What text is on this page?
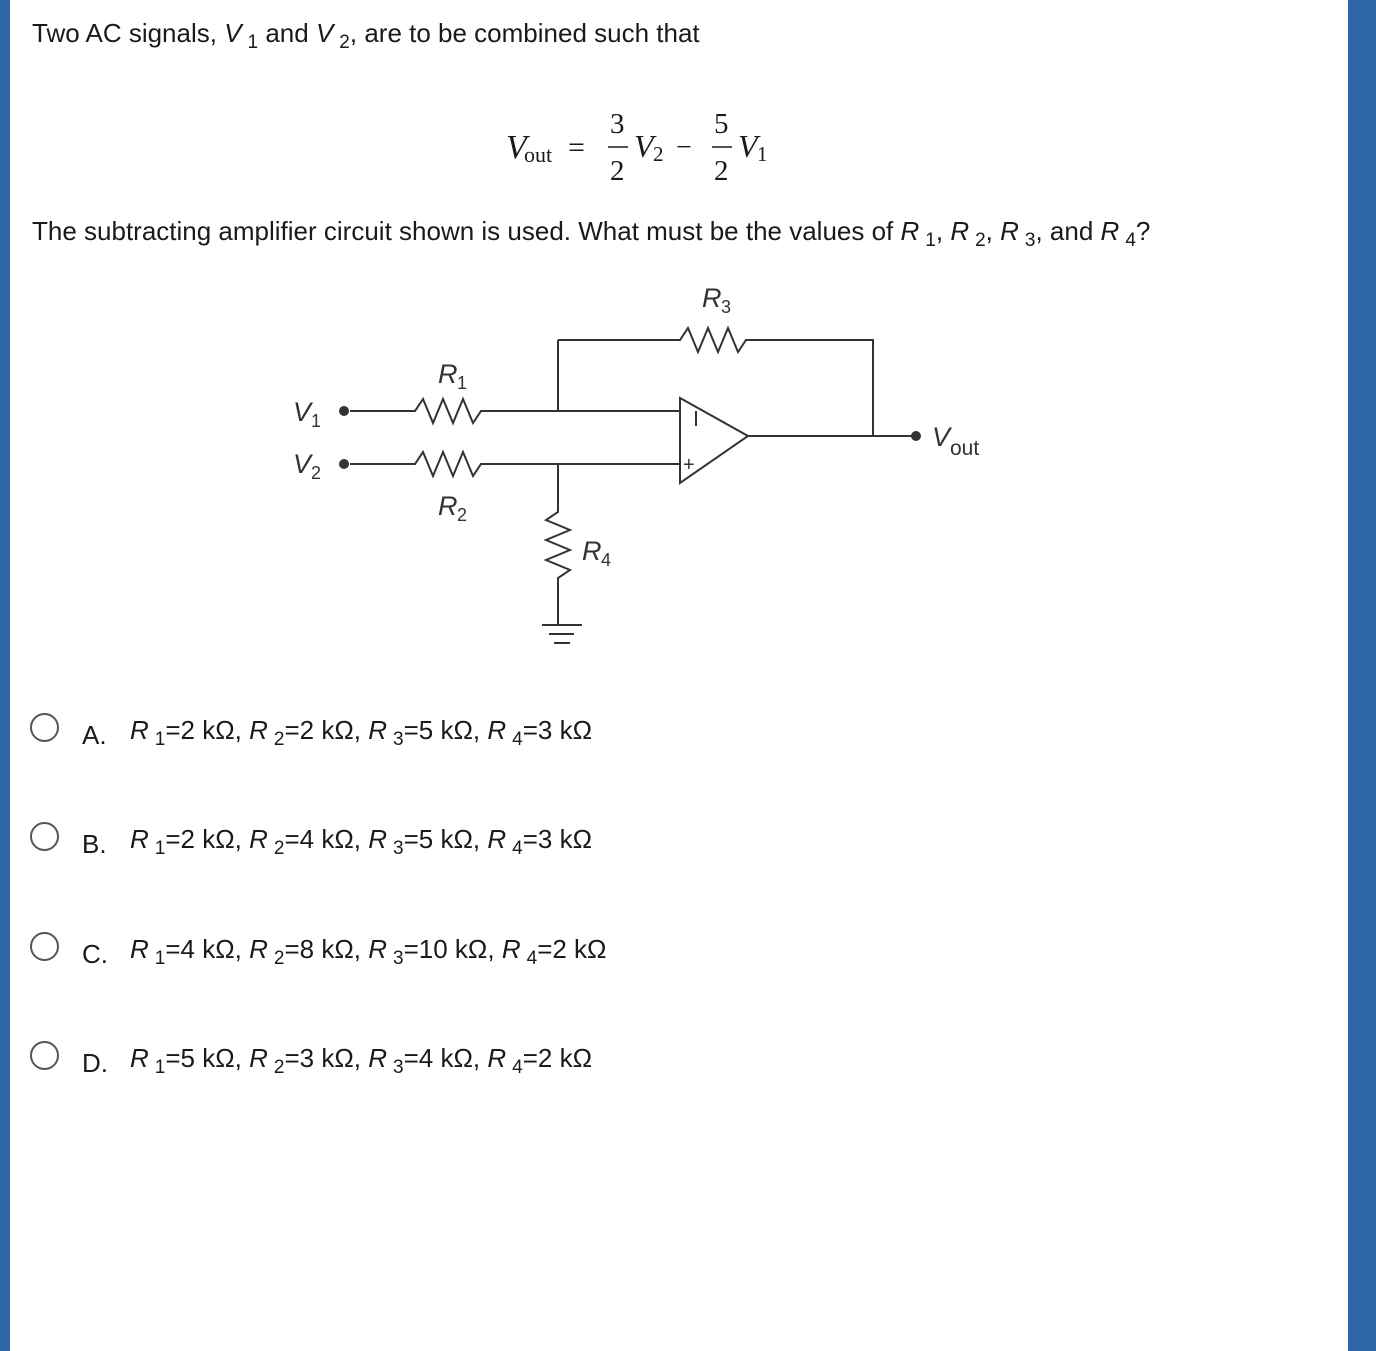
Two AC signals, V $_1$ and V $_2$, are to be combined such that
V
out =
3
2
V 2 −
5
2
V 1
The subtracting amplifier circuit shown is used. What must be the values of R $_1$, R $_2$, R $_3$, and R $_4$?
V 1
V 2
R 1
R 2
R 3
R 4
V out
+
A. R $_1$=2 kΩ, R $_2$=2 kΩ, R $_3$=5 kΩ, R $_4$=3 kΩ
B. R $_1$=2 kΩ, R $_2$=4 kΩ, R $_3$=5 kΩ, R $_4$=3 kΩ
C. R $_1$=4 kΩ, R $_2$=8 kΩ, R $_3$=10 kΩ, R $_4$=2 kΩ
D. R $_1$=5 kΩ, R $_2$=3 kΩ, R $_3$=4 kΩ, R $_4$=2 kΩ
